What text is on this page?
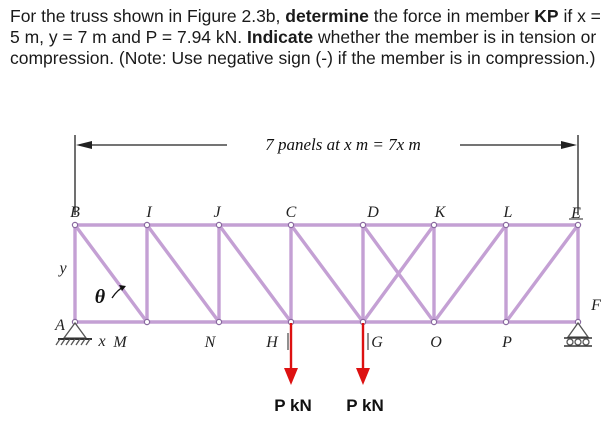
For the truss shown in Figure 2.3b, determine the force in member KP if x = 5 m, y = 7 m and P = 7.94 kN. Indicate whether the member is in tension or compression. (Note: Use negative sign (-) if the member is in compression.)
7 panels at x m = 7x m
B	I	J	C	D	K	L	E
M	N	H	G	O	P
y
x
A
F
θ
P kN P kN
